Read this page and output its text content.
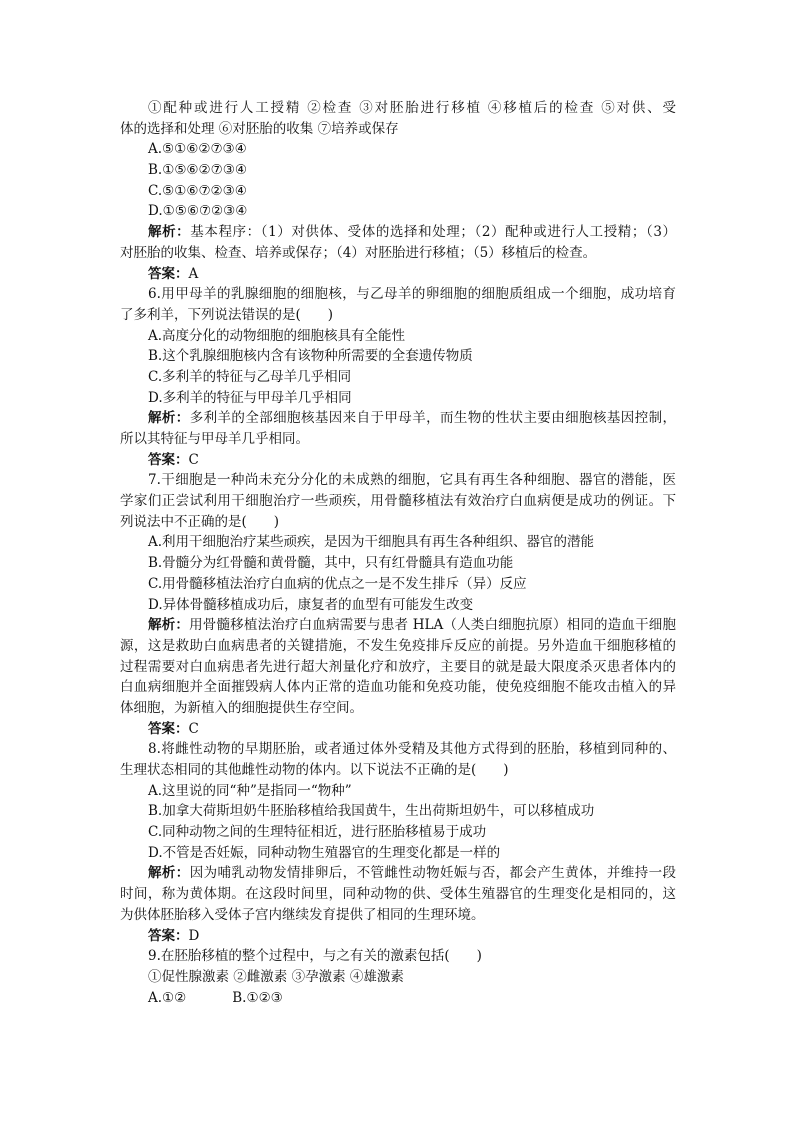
①配种或进行人工授精 ②检查 ③对胚胎进行移植 ④移植后的检查 ⑤对供、受
体的选择和处理 ⑥对胚胎的收集 ⑦培养或保存
A.⑤①⑥②⑦③④
B.①⑤⑥②⑦③④
C.⑤①⑥⑦②③④
D.①⑤⑥⑦②③④
解析：基本程序：（1）对供体、受体的选择和处理；（2）配种或进行人工授精；（3）
对胚胎的收集、检查、培养或保存；（4）对胚胎进行移植；（5）移植后的检查。
答案：A
6.用甲母羊的乳腺细胞的细胞核，与乙母羊的卵细胞的细胞质组成一个细胞，成功培育
了多利羊，下列说法错误的是(　　)
A.高度分化的动物细胞的细胞核具有全能性
B.这个乳腺细胞核内含有该物种所需要的全套遗传物质
C.多利羊的特征与乙母羊几乎相同
D.多利羊的特征与甲母羊几乎相同
解析：多利羊的全部细胞核基因来自于甲母羊，而生物的性状主要由细胞核基因控制，
所以其特征与甲母羊几乎相同。
答案：C
7.干细胞是一种尚未充分分化的未成熟的细胞，它具有再生各种细胞、器官的潜能，医
学家们正尝试利用干细胞治疗一些顽疾，用骨髓移植法有效治疗白血病便是成功的例证。下
列说法中不正确的是(　　)
A.利用干细胞治疗某些顽疾，是因为干细胞具有再生各种组织、器官的潜能
B.骨髓分为红骨髓和黄骨髓，其中，只有红骨髓具有造血功能
C.用骨髓移植法治疗白血病的优点之一是不发生排斥（异）反应
D.异体骨髓移植成功后，康复者的血型有可能发生改变
解析：用骨髓移植法治疗白血病需要与患者 HLA（人类白细胞抗原）相同的造血干细胞
源，这是救助白血病患者的关键措施，不发生免疫排斥反应的前提。另外造血干细胞移植的
过程需要对白血病患者先进行超大剂量化疗和放疗，主要目的就是最大限度杀灭患者体内的
白血病细胞并全面摧毁病人体内正常的造血功能和免疫功能，使免疫细胞不能攻击植入的异
体细胞，为新植入的细胞提供生存空间。
答案：C
8.将雌性动物的早期胚胎，或者通过体外受精及其他方式得到的胚胎，移植到同种的、
生理状态相同的其他雌性动物的体内。以下说法不正确的是(　　)
A.这里说的同“种”是指同一“物种”
B.加拿大荷斯坦奶牛胚胎移植给我国黄牛，生出荷斯坦奶牛，可以移植成功
C.同种动物之间的生理特征相近，进行胚胎移植易于成功
D.不管是否妊娠，同种动物生殖器官的生理变化都是一样的
解析：因为哺乳动物发情排卵后，不管雌性动物妊娠与否，都会产生黄体，并维持一段
时间，称为黄体期。在这段时间里，同种动物的供、受体生殖器官的生理变化是相同的，这
为供体胚胎移入受体子宫内继续发育提供了相同的生理环境。
答案：D
9.在胚胎移植的整个过程中，与之有关的激素包括(　　)
①促性腺激素 ②雌激素 ③孕激素 ④雄激素
A.①②	B.①②③
